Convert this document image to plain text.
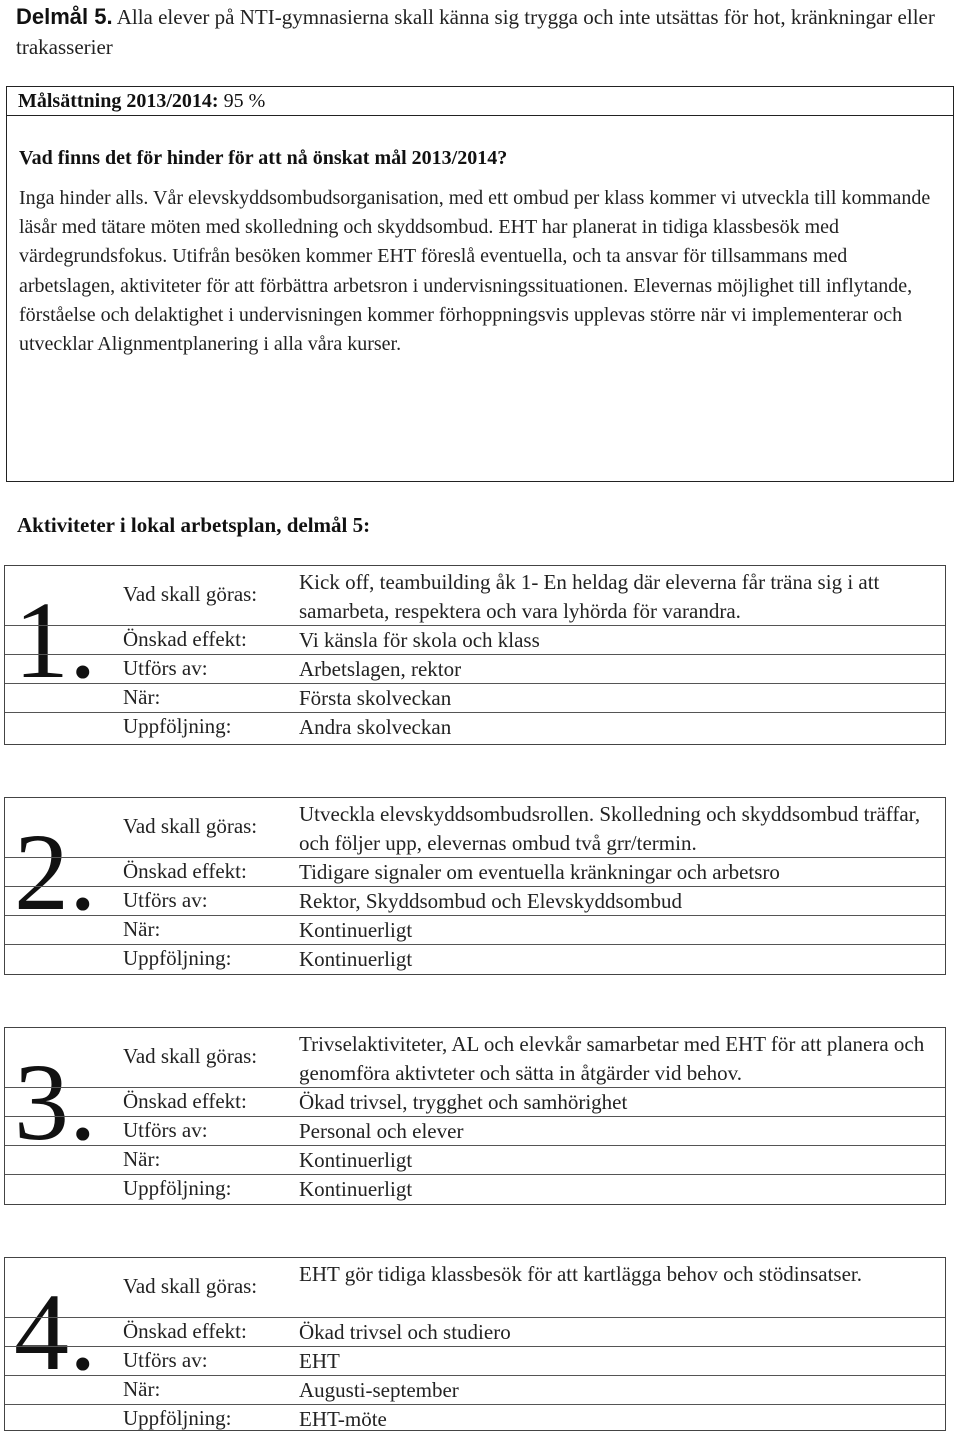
Delmål 5. Alla elever på NTI-gymnasierna skall känna sig trygga och inte utsättas för hot, kränkningar eller trakasserier
Målsättning 2013/2014: 95 %
Vad finns det för hinder för att nå önskat mål 2013/2014?
Inga hinder alls. Vår elevskyddsombudsorganisation, med ett ombud per klass kommer vi utveckla till kommande läsår med tätare möten med skolledning och skyddsombud. EHT har planerat in tidiga klassbesök med värdegrundsfokus. Utifrån besöken kommer EHT föreslå eventuella, och ta ansvar för tillsammans med arbetslagen, aktiviteter för att förbättra arbetsron i undervisningssituationen. Elevernas möjlighet till inflytande, förståelse och delaktighet i undervisningen kommer förhoppningsvis upplevas större när vi implementerar och utvecklar Alignmentplanering i alla våra kurser.
Aktiviteter i lokal arbetsplan, delmål 5:
1.	Vad skall göras: Kick off, teambuilding åk 1- En heldag där eleverna får träna sig i att samarbeta, respektera och vara lyhörda för varandra.
Önskad effekt: Vi känsla för skola och klass
Utförs av:	Arbetslagen, rektor
När:	Första skolveckan
Uppföljning:	Andra skolveckan
2.	Vad skall göras: Utveckla elevskyddsombudsrollen. Skolledning och skyddsombud träffar, och följer upp, elevernas ombud två grr/termin.
Önskad effekt: Tidigare signaler om eventuella kränkningar och arbetsro
Utförs av:	Rektor, Skyddsombud och Elevskyddsombud
När:	Kontinuerligt
Uppföljning:	Kontinuerligt
3.	Vad skall göras: Trivselaktiviteter, AL och elevkår samarbetar med EHT för att planera och genomföra aktivteter och sätta in åtgärder vid behov.
Önskad effekt: Ökad trivsel, trygghet och samhörighet
Utförs av:	Personal och elever
När:	Kontinuerligt
Uppföljning:	Kontinuerligt
4.	Vad skall göras: EHT gör tidiga klassbesök för att kartlägga behov och stödinsatser.
Önskad effekt: Ökad trivsel och studiero
Utförs av:	EHT
När:	Augusti-september
Uppföljning:	EHT-möte
